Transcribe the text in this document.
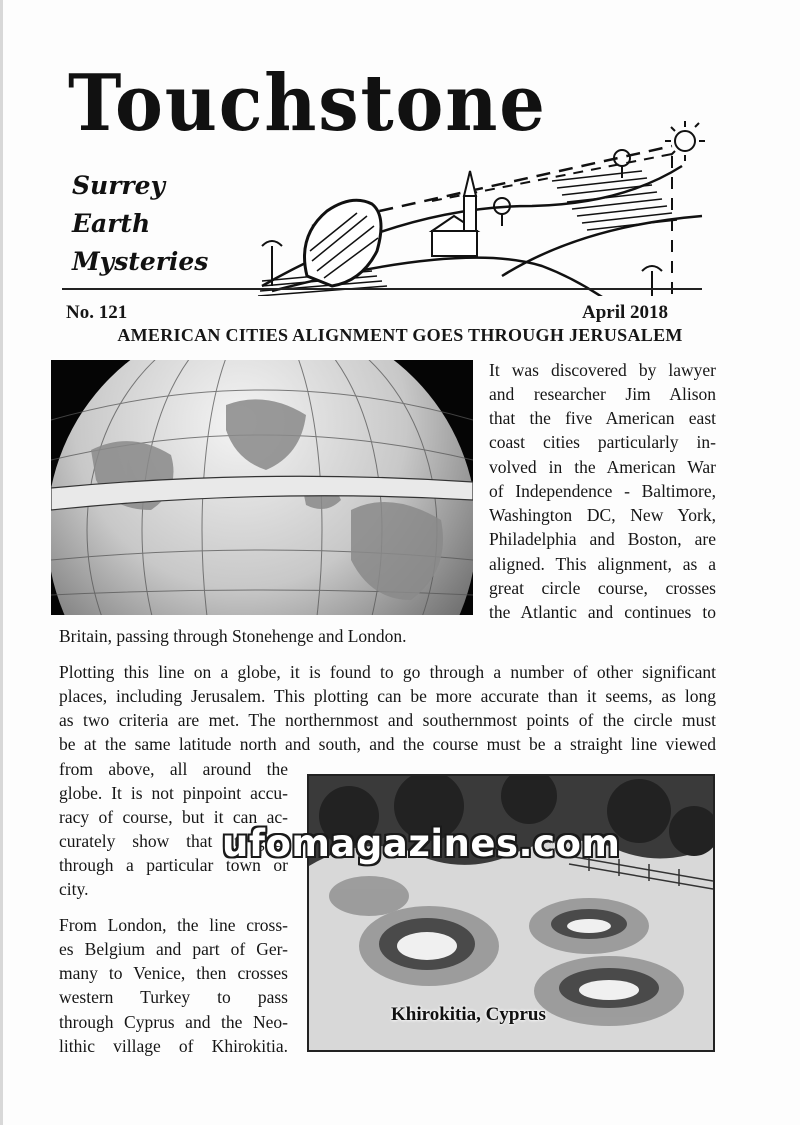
Touchstone
Surrey
Earth
Mysteries
No. 121	April 2018
AMERICAN CITIES ALIGNMENT GOES THROUGH JERUSALEM
It was discovered by lawyer
and researcher Jim Alison
that the five American east
coast cities particularly in-
volved in the American War
of Independence - Baltimore,
Washington DC, New York,
Philadelphia and Boston, are
aligned. This alignment, as a
great circle course, crosses
the Atlantic and continues to
Britain, passing through Stonehenge and London.
Plotting this line on a globe, it is found to go through a number of other significant
places, including Jerusalem. This plotting can be more accurate than it seems, as long
as two criteria are met. The northernmost and southernmost points of the circle must
be at the same latitude north and south, and the course must be a straight line viewed
from above, all around the
globe. It is not pinpoint accu-
racy of course, but it can ac-
curately show that it goes
through a particular town or
city.
From London, the line cross-
es Belgium and part of Ger-
many to Venice, then crosses
western Turkey to pass
through Cyprus and the Neo-
lithic village of Khirokitia.
Khirokitia, Cyprus
ufomagazines.com
